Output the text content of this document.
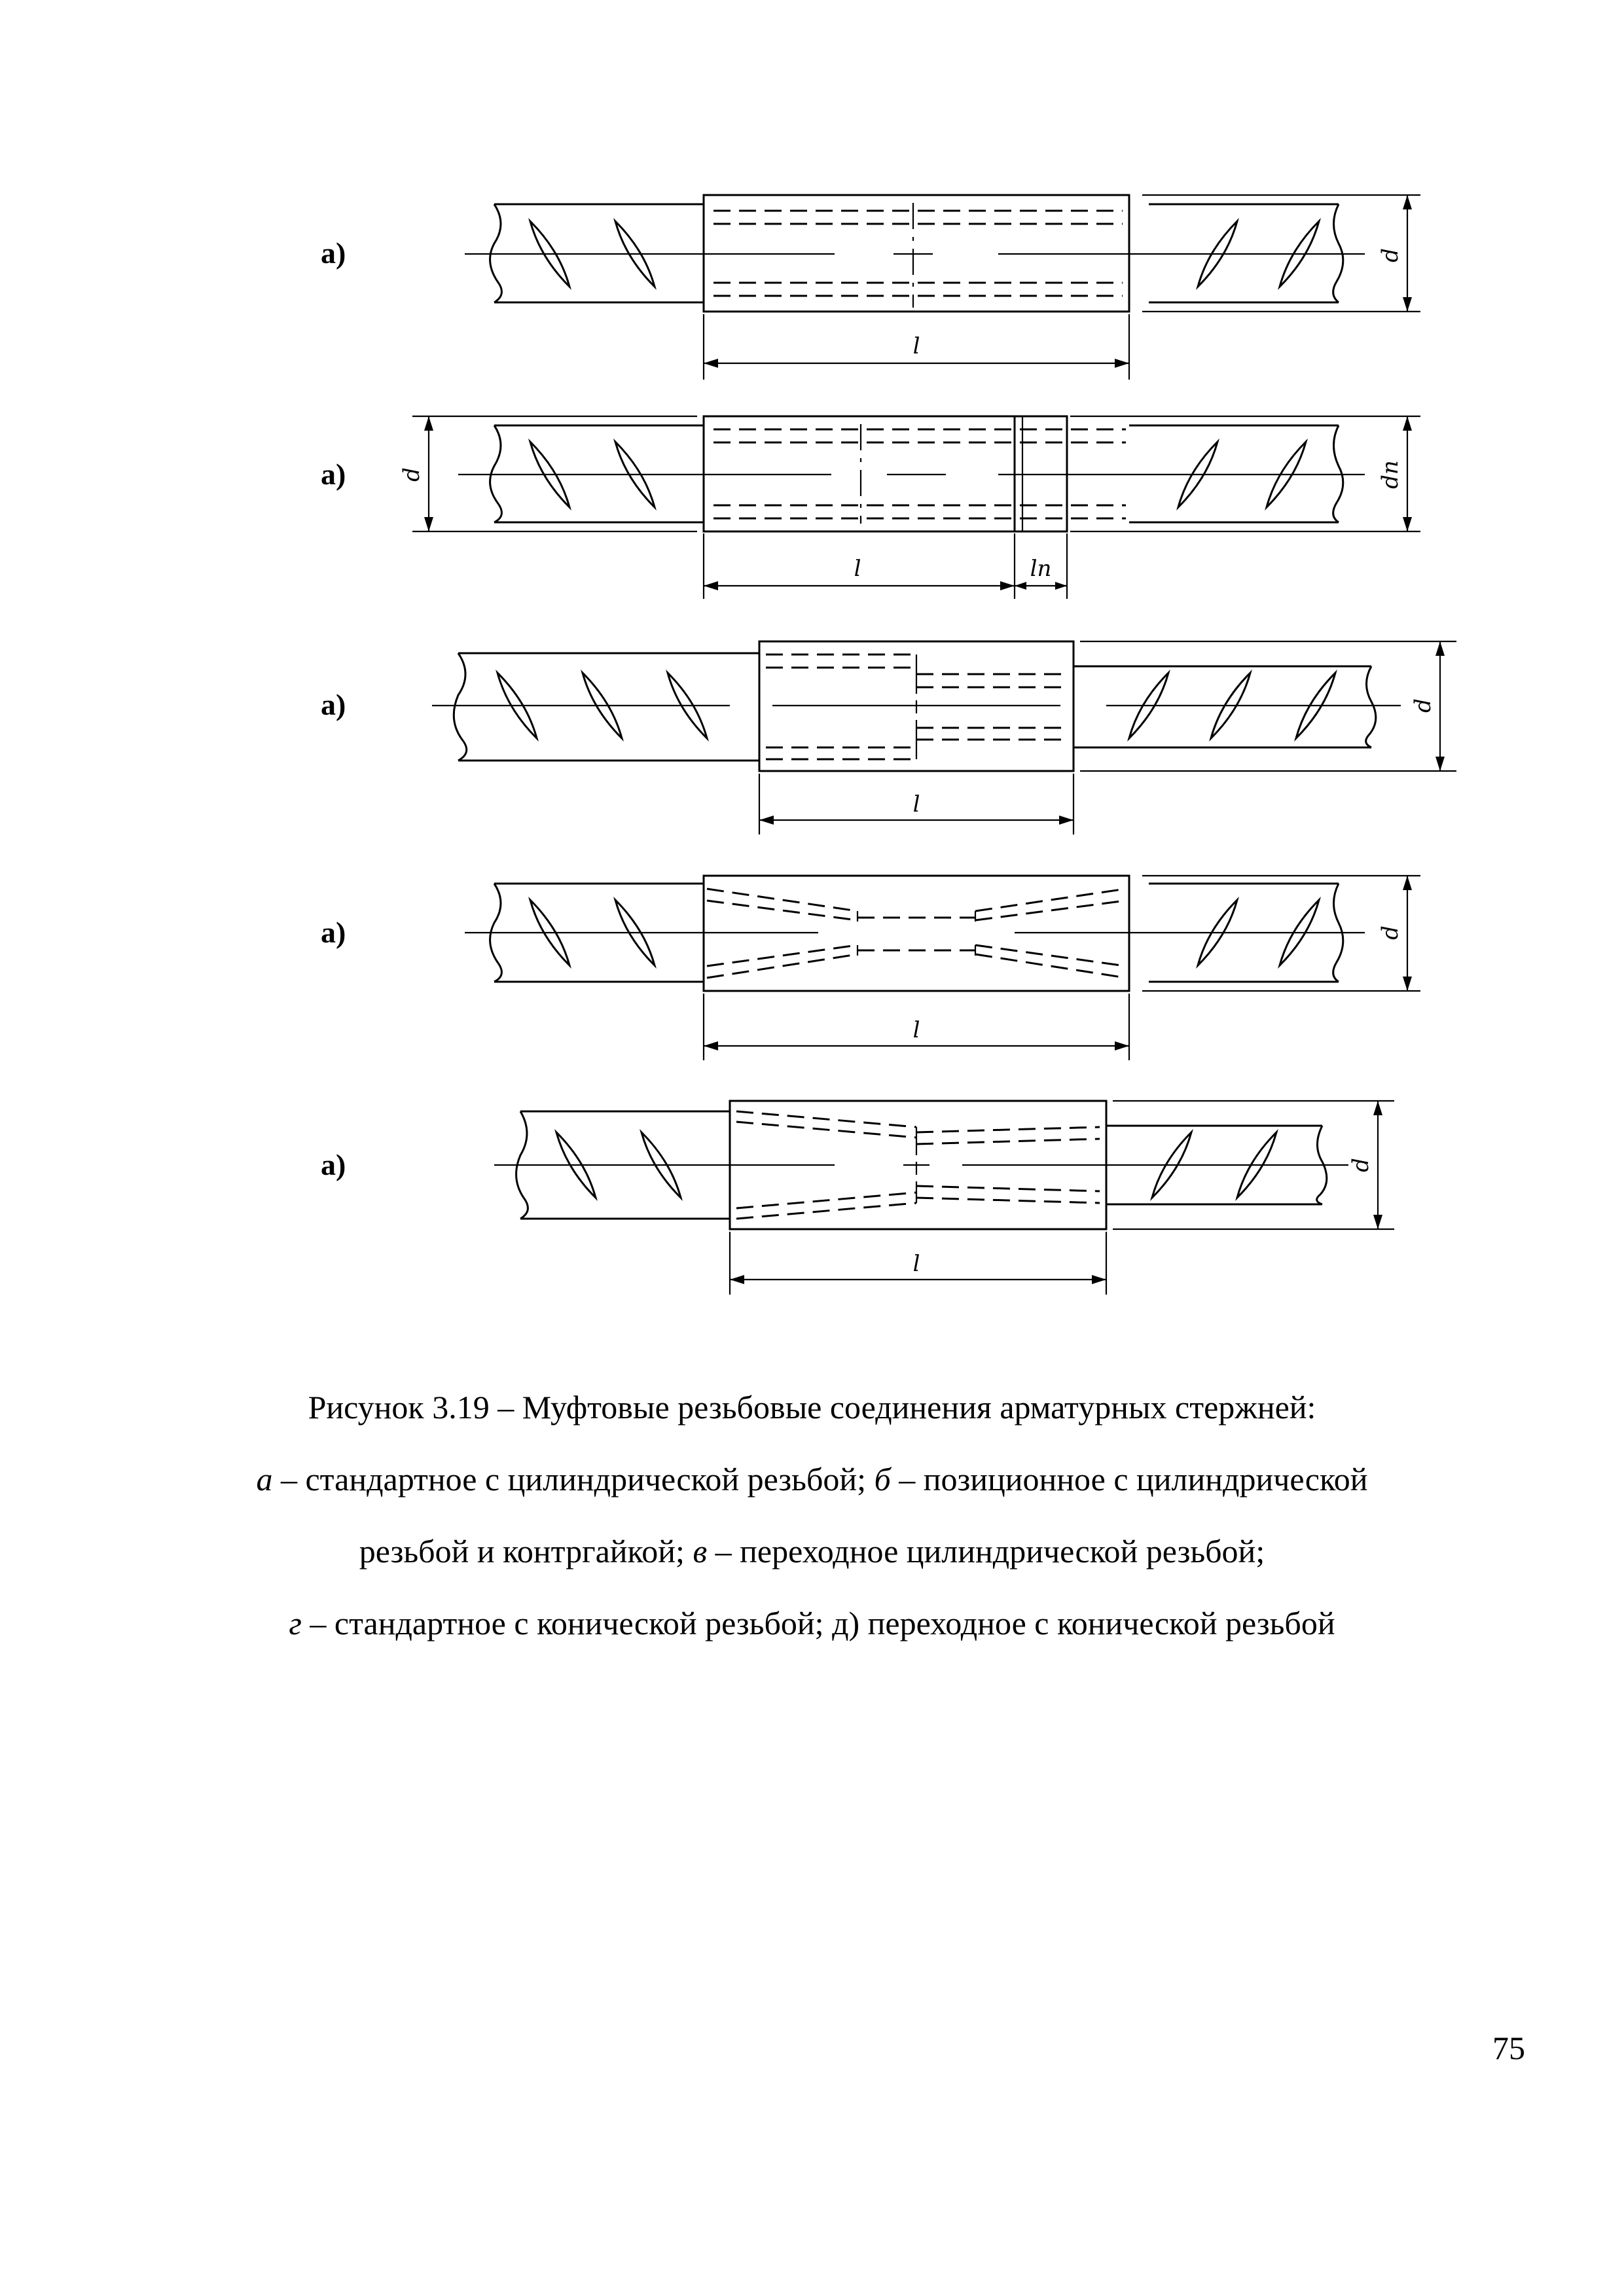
а)	d
l
а) d	dn
l	ln
а)	d
l
а)	d
l
а)	d
l
Рисунок 3.19 – Муфтовые резьбовые соединения арматурных стержней:
а – стандартное с цилиндрической резьбой; б – позиционное с цилиндрической
резьбой и контргайкой; в – переходное цилиндрической резьбой;
г – стандартное с конической резьбой; д) переходное с конической резьбой
75
